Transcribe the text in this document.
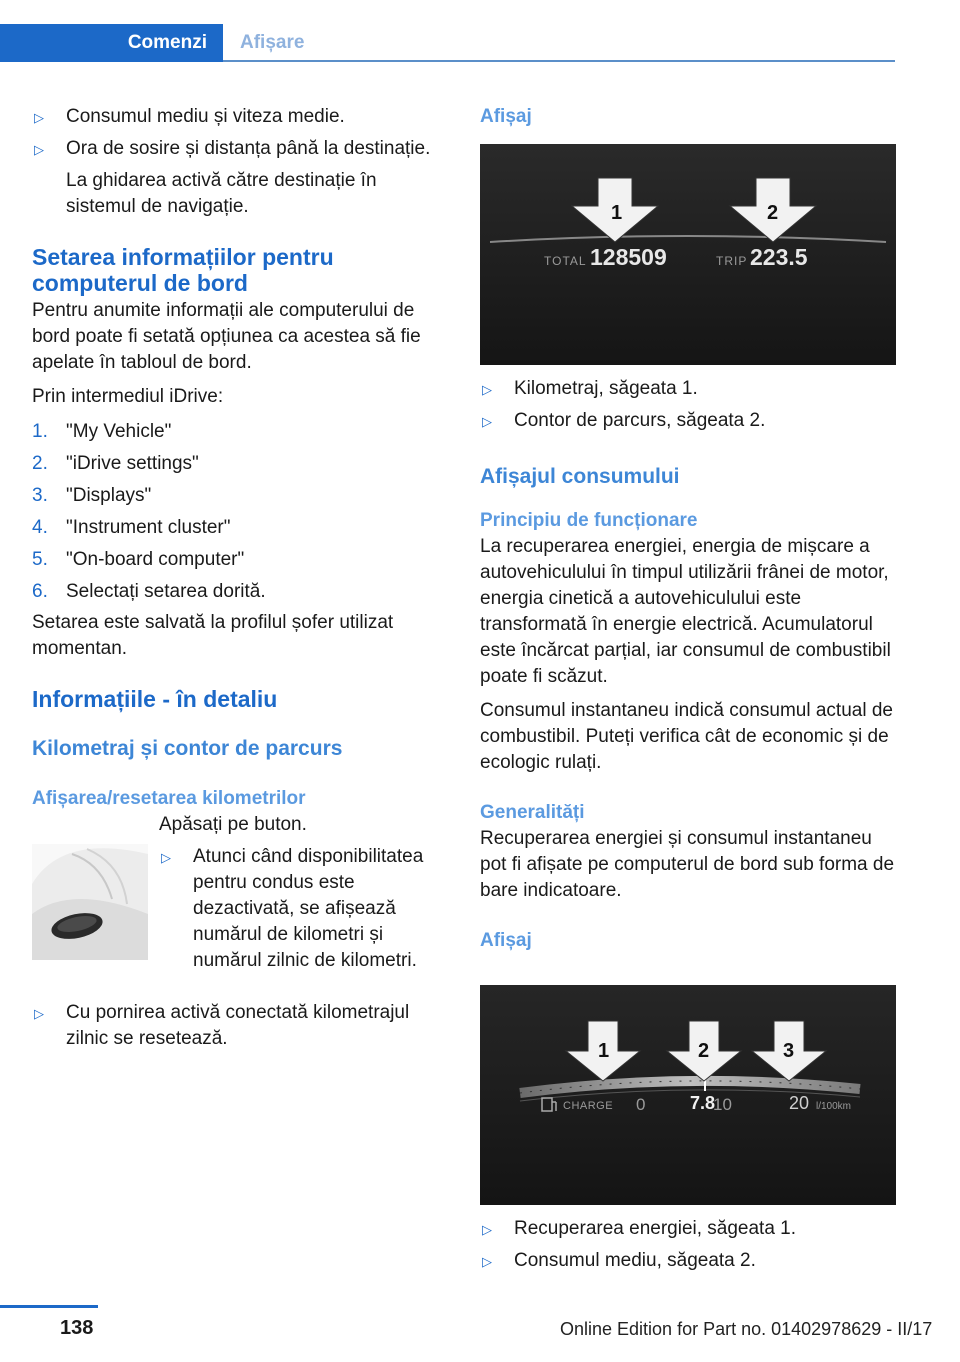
Comenzi	Afișare
▷ Consumul mediu și viteza medie.
▷ Ora de sosire și distanța până la destinație.
La ghidarea activă către destinație în sistemul de navigație.
Setarea informațiilor pentru computerul de bord

Pentru anumite informații ale computerului de bord poate fi setată opțiunea ca acestea să fie apelate în tabloul de bord.

Prin intermediul iDrive:

1. "My Vehicle"
2. "iDrive settings"
3. "Displays"
4. "Instrument cluster"
5. "On-board computer"
6. Selectați setarea dorită.

Setarea este salvată la profilul șofer utilizat momentan.

Informațiile - în detaliu
Kilometraj și contor de parcurs
Afișarea/resetarea kilometrilor

Apăsați pe buton.

▷ Atunci când disponibilitatea pentru condus este dezactivată, se afișează numărul de kilometri și numărul zilnic de kilometri.
▷ Cu pornirea activă conectată kilometrajul zilnic se resetează.
Afișaj
1	2
TOTAL 128509	TRIP 223.5
▷ Kilometraj, săgeata 1.
▷ Contor de parcurs, săgeata 2.
Afișajul consumului
Principiu de funcționare

La recuperarea energiei, energia de mișcare a autovehiculului în timpul utilizării frânei de motor, energia cinetică a autovehiculului este transformată în energie electrică. Acumulatorul este încărcat parțial, iar consumul de combustibil poate fi scăzut.

Consumul instantaneu indică consumul actual de combustibil. Puteți verifica cât de economic și de ecologic rulați.

Generalități

Recuperarea energiei și consumul instantaneu pot fi afișate pe computerul de bord sub forma de bare indicatoare.

Afișaj
1	2	3
CHARGE 0 7.8
10	20 l/100km
▷ Recuperarea energiei, săgeata 1.
▷ Consumul mediu, săgeata 2.
138	Online Edition for Part no. 01402978629 - II/17
